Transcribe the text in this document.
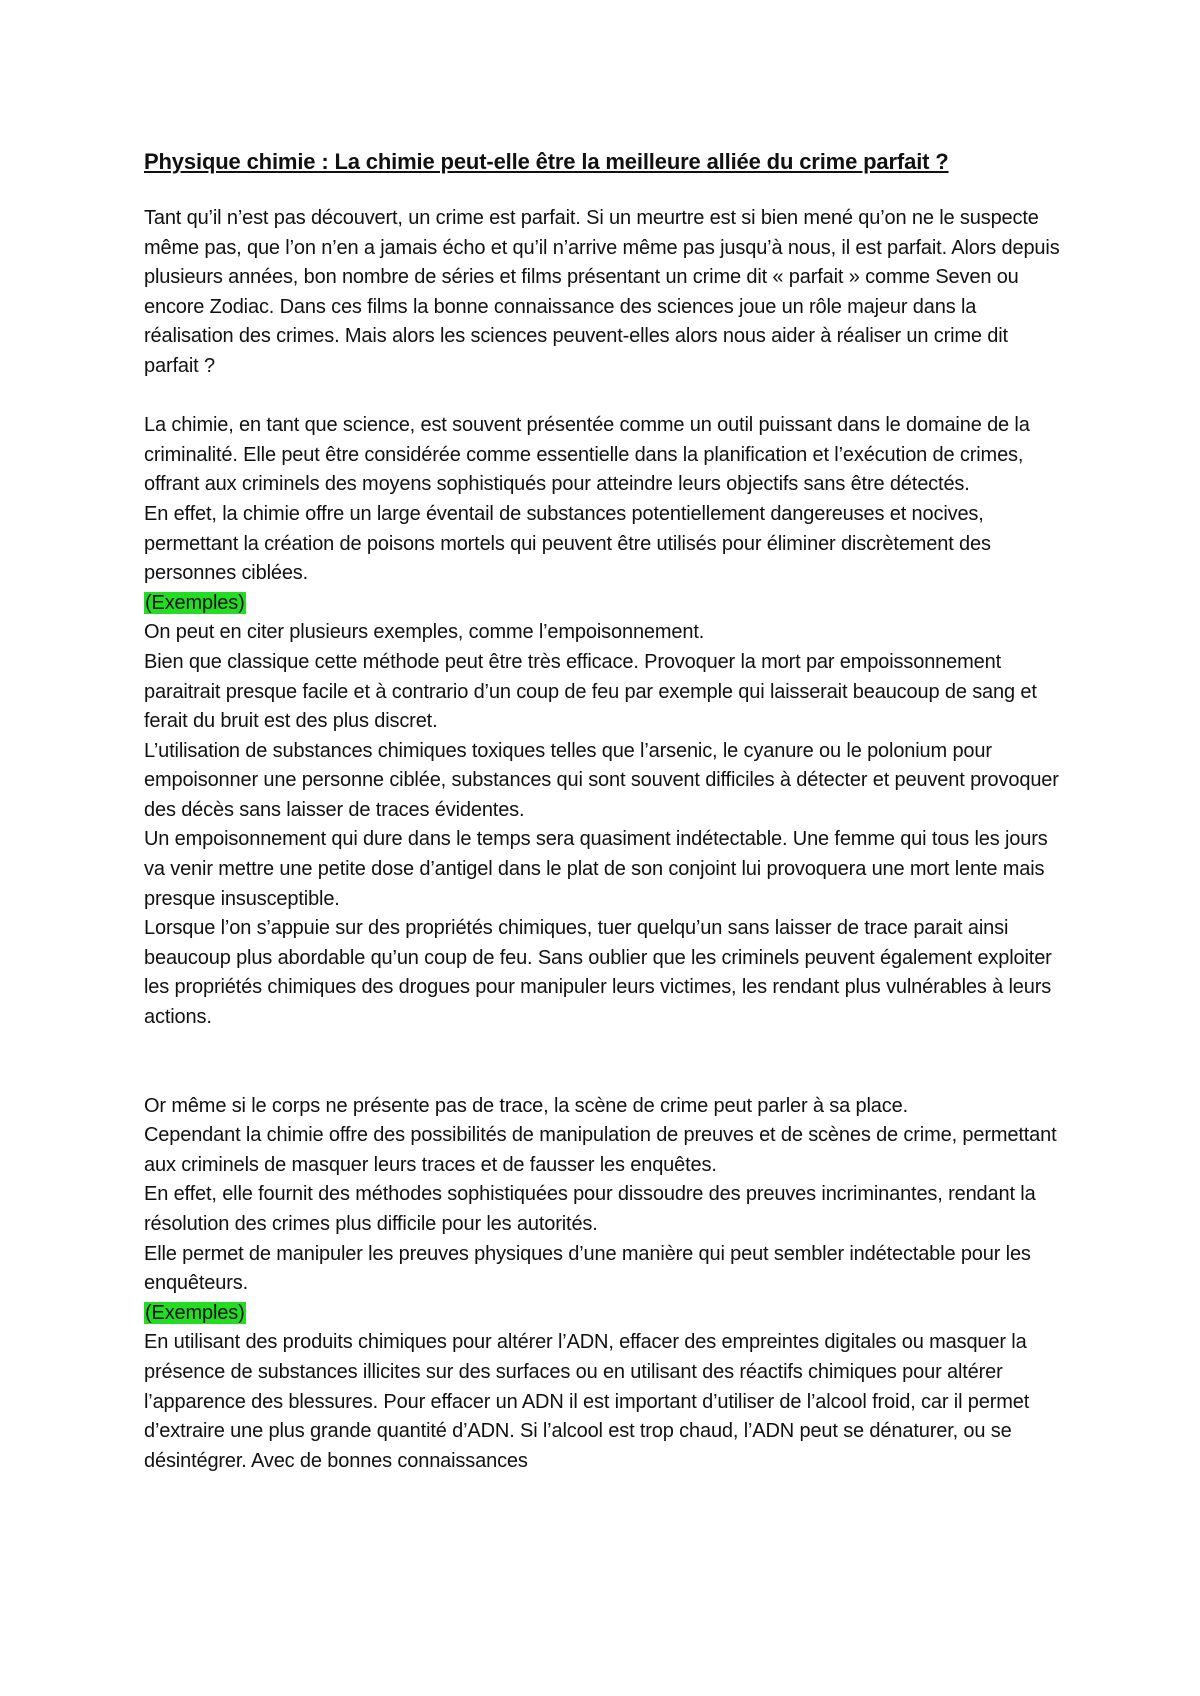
Physique chimie : La chimie peut-elle être la meilleure alliée du crime parfait ?

Tant qu’il n’est pas découvert, un crime est parfait. Si un meurtre est si bien mené qu’on ne le suspecte même pas, que l’on n’en a jamais écho et qu’il n’arrive même pas jusqu’à nous, il est parfait. Alors depuis plusieurs années, bon nombre de séries et films présentant un crime dit « parfait » comme Seven ou encore Zodiac. Dans ces films la bonne connaissance des sciences joue un rôle majeur dans la réalisation des crimes. Mais alors les sciences peuvent-elles alors nous aider à réaliser un crime dit parfait ?

La chimie, en tant que science, est souvent présentée comme un outil puissant dans le domaine de la criminalité. Elle peut être considérée comme essentielle dans la planification et l’exécution de crimes, offrant aux criminels des moyens sophistiqués pour atteindre leurs objectifs sans être détectés.

En effet, la chimie offre un large éventail de substances potentiellement dangereuses et nocives, permettant la création de poisons mortels qui peuvent être utilisés pour éliminer discrètement des personnes ciblées.

(Exemples)

On peut en citer plusieurs exemples, comme l’empoisonnement.

Bien que classique cette méthode peut être très efficace. Provoquer la mort par empoissonnement paraitrait presque facile et à contrario d’un coup de feu par exemple qui laisserait beaucoup de sang et ferait du bruit est des plus discret.

L’utilisation de substances chimiques toxiques telles que l’arsenic, le cyanure ou le polonium pour empoisonner une personne ciblée, substances qui sont souvent difficiles à détecter et peuvent provoquer des décès sans laisser de traces évidentes.

Un empoisonnement qui dure dans le temps sera quasiment indétectable. Une femme qui tous les jours va venir mettre une petite dose d’antigel dans le plat de son conjoint lui provoquera une mort lente mais presque insusceptible.

Lorsque l’on s’appuie sur des propriétés chimiques, tuer quelqu’un sans laisser de trace parait ainsi beaucoup plus abordable qu’un coup de feu. Sans oublier que les criminels peuvent également exploiter les propriétés chimiques des drogues pour manipuler leurs victimes, les rendant plus vulnérables à leurs actions.

Or même si le corps ne présente pas de trace, la scène de crime peut parler à sa place.

Cependant la chimie offre des possibilités de manipulation de preuves et de scènes de crime, permettant aux criminels de masquer leurs traces et de fausser les enquêtes.

En effet, elle fournit des méthodes sophistiquées pour dissoudre des preuves incriminantes, rendant la résolution des crimes plus difficile pour les autorités.

Elle permet de manipuler les preuves physiques d’une manière qui peut sembler indétectable pour les enquêteurs.

(Exemples)

En utilisant des produits chimiques pour altérer l’ADN, effacer des empreintes digitales ou masquer la présence de substances illicites sur des surfaces ou en utilisant des réactifs chimiques pour altérer l’apparence des blessures. Pour effacer un ADN il est important d’utiliser de l’alcool froid, car il permet d’extraire une plus grande quantité d’ADN. Si l’alcool est trop chaud, l’ADN peut se dénaturer, ou se désintégrer. Avec de bonnes connaissances
